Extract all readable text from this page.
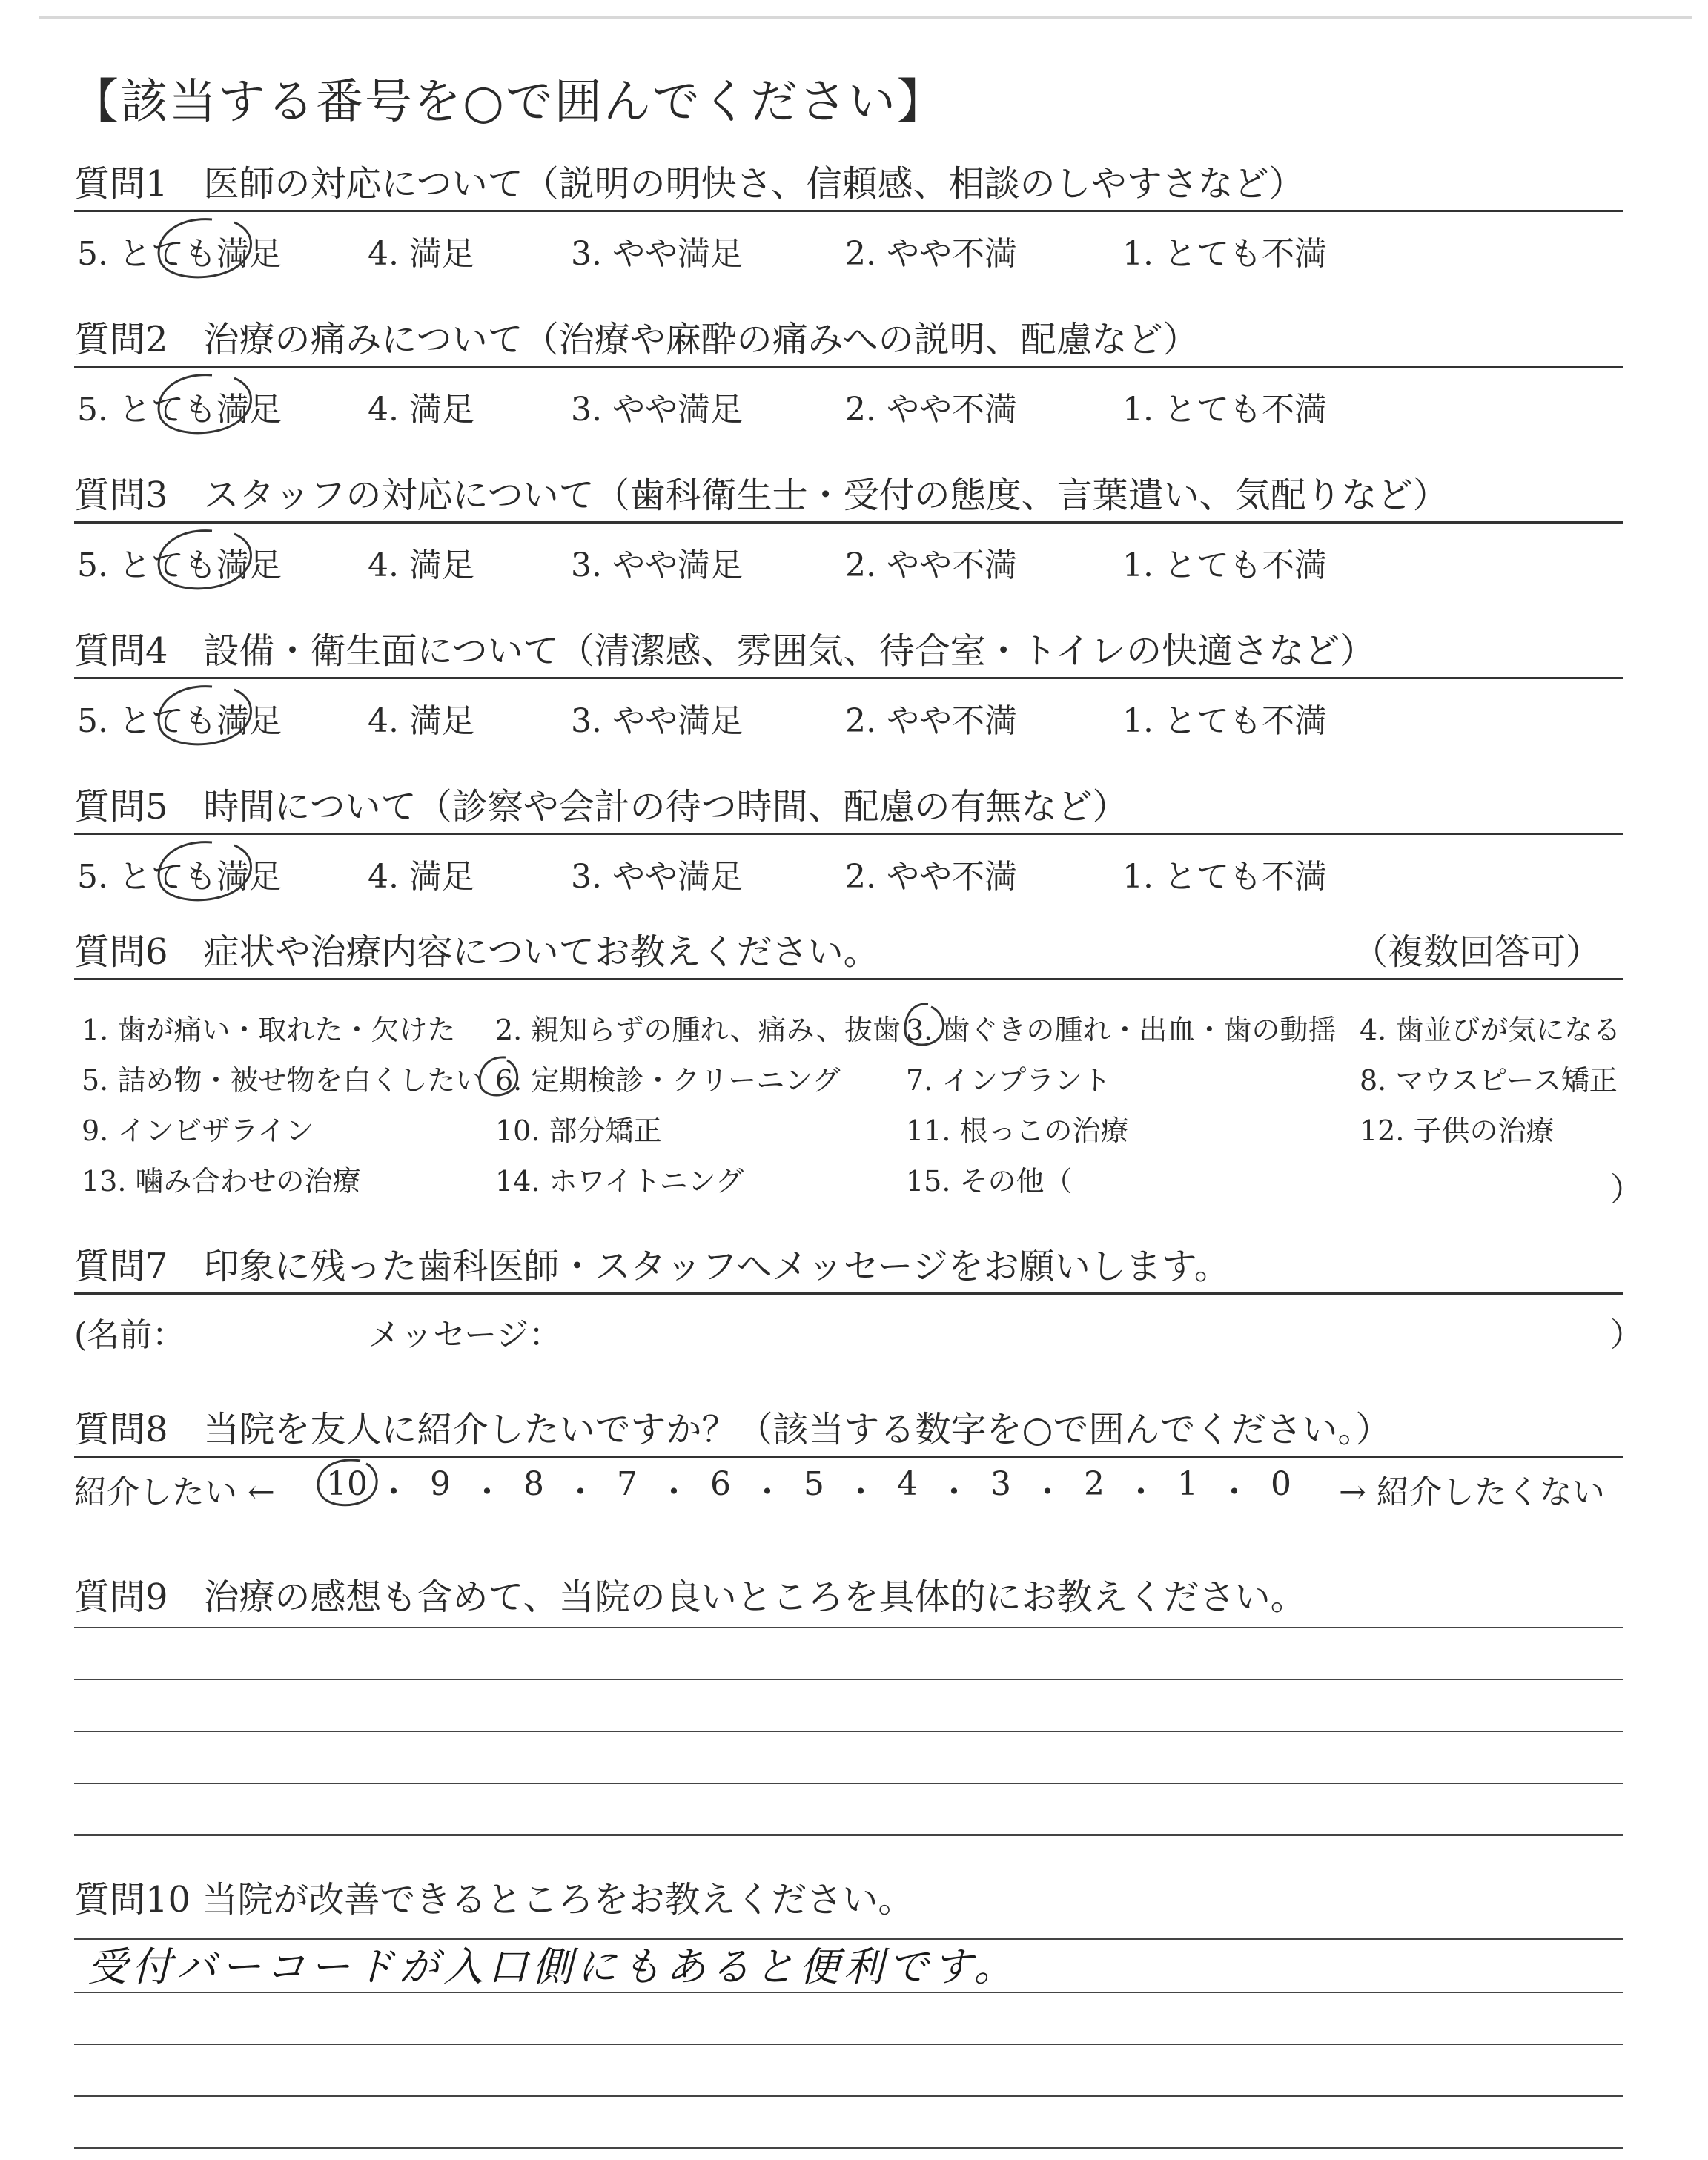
【該当する番号を○で囲んでください】
質問1　医師の対応について（説明の明快さ、信頼感、相談のしやすさなど）
5. とても満足	4. 満足	3. やや満足	2. やや不満	1. とても不満
質問2　治療の痛みについて（治療や麻酔の痛みへの説明、配慮など）
5. とても満足	4. 満足	3. やや満足	2. やや不満	1. とても不満
質問3　スタッフの対応について（歯科衛生士・受付の態度、言葉遣い、気配りなど）
5. とても満足	4. 満足	3. やや満足	2. やや不満	1. とても不満
質問4　設備・衛生面について（清潔感、雰囲気、待合室・トイレの快適さなど）
5. とても満足	4. 満足	3. やや満足	2. やや不満	1. とても不満
質問5　時間について（診察や会計の待つ時間、配慮の有無など）
5. とても満足	4. 満足	3. やや満足	2. やや不満	1. とても不満
質問6　症状や治療内容についてお教えください。	（複数回答可）
1. 歯が痛い・取れた・欠けた 2. 親知らずの腫れ、痛み、抜歯 3. 歯ぐきの腫れ・出血・歯の動揺 4. 歯並びが気になる
5. 詰め物・被せ物を白くしたい 6. 定期検診・クリーニング 7. インプラント	8. マウスピース矯正
9. インビザライン	10. 部分矯正	11. 根っこの治療	12. 子供の治療
13. 噛み合わせの治療	14. ホワイトニング	15. その他（	）
質問7　印象に残った歯科医師・スタッフへメッセージをお願いします。
(名前：	メッセージ：	）
質問8　当院を友人に紹介したいですか？（該当する数字を○で囲んでください。）
紹介したい ←	→ 紹介したくない
10 ・ 9 ・ 8 ・ 7 ・ 6 ・ 5 ・ 4 ・ 3 ・ 2 ・ 1 ・ 0
質問9　治療の感想も含めて、当院の良いところを具体的にお教えください。
質問10 当院が改善できるところをお教えください。
受付バーコードが入口側にもあると便利です。
